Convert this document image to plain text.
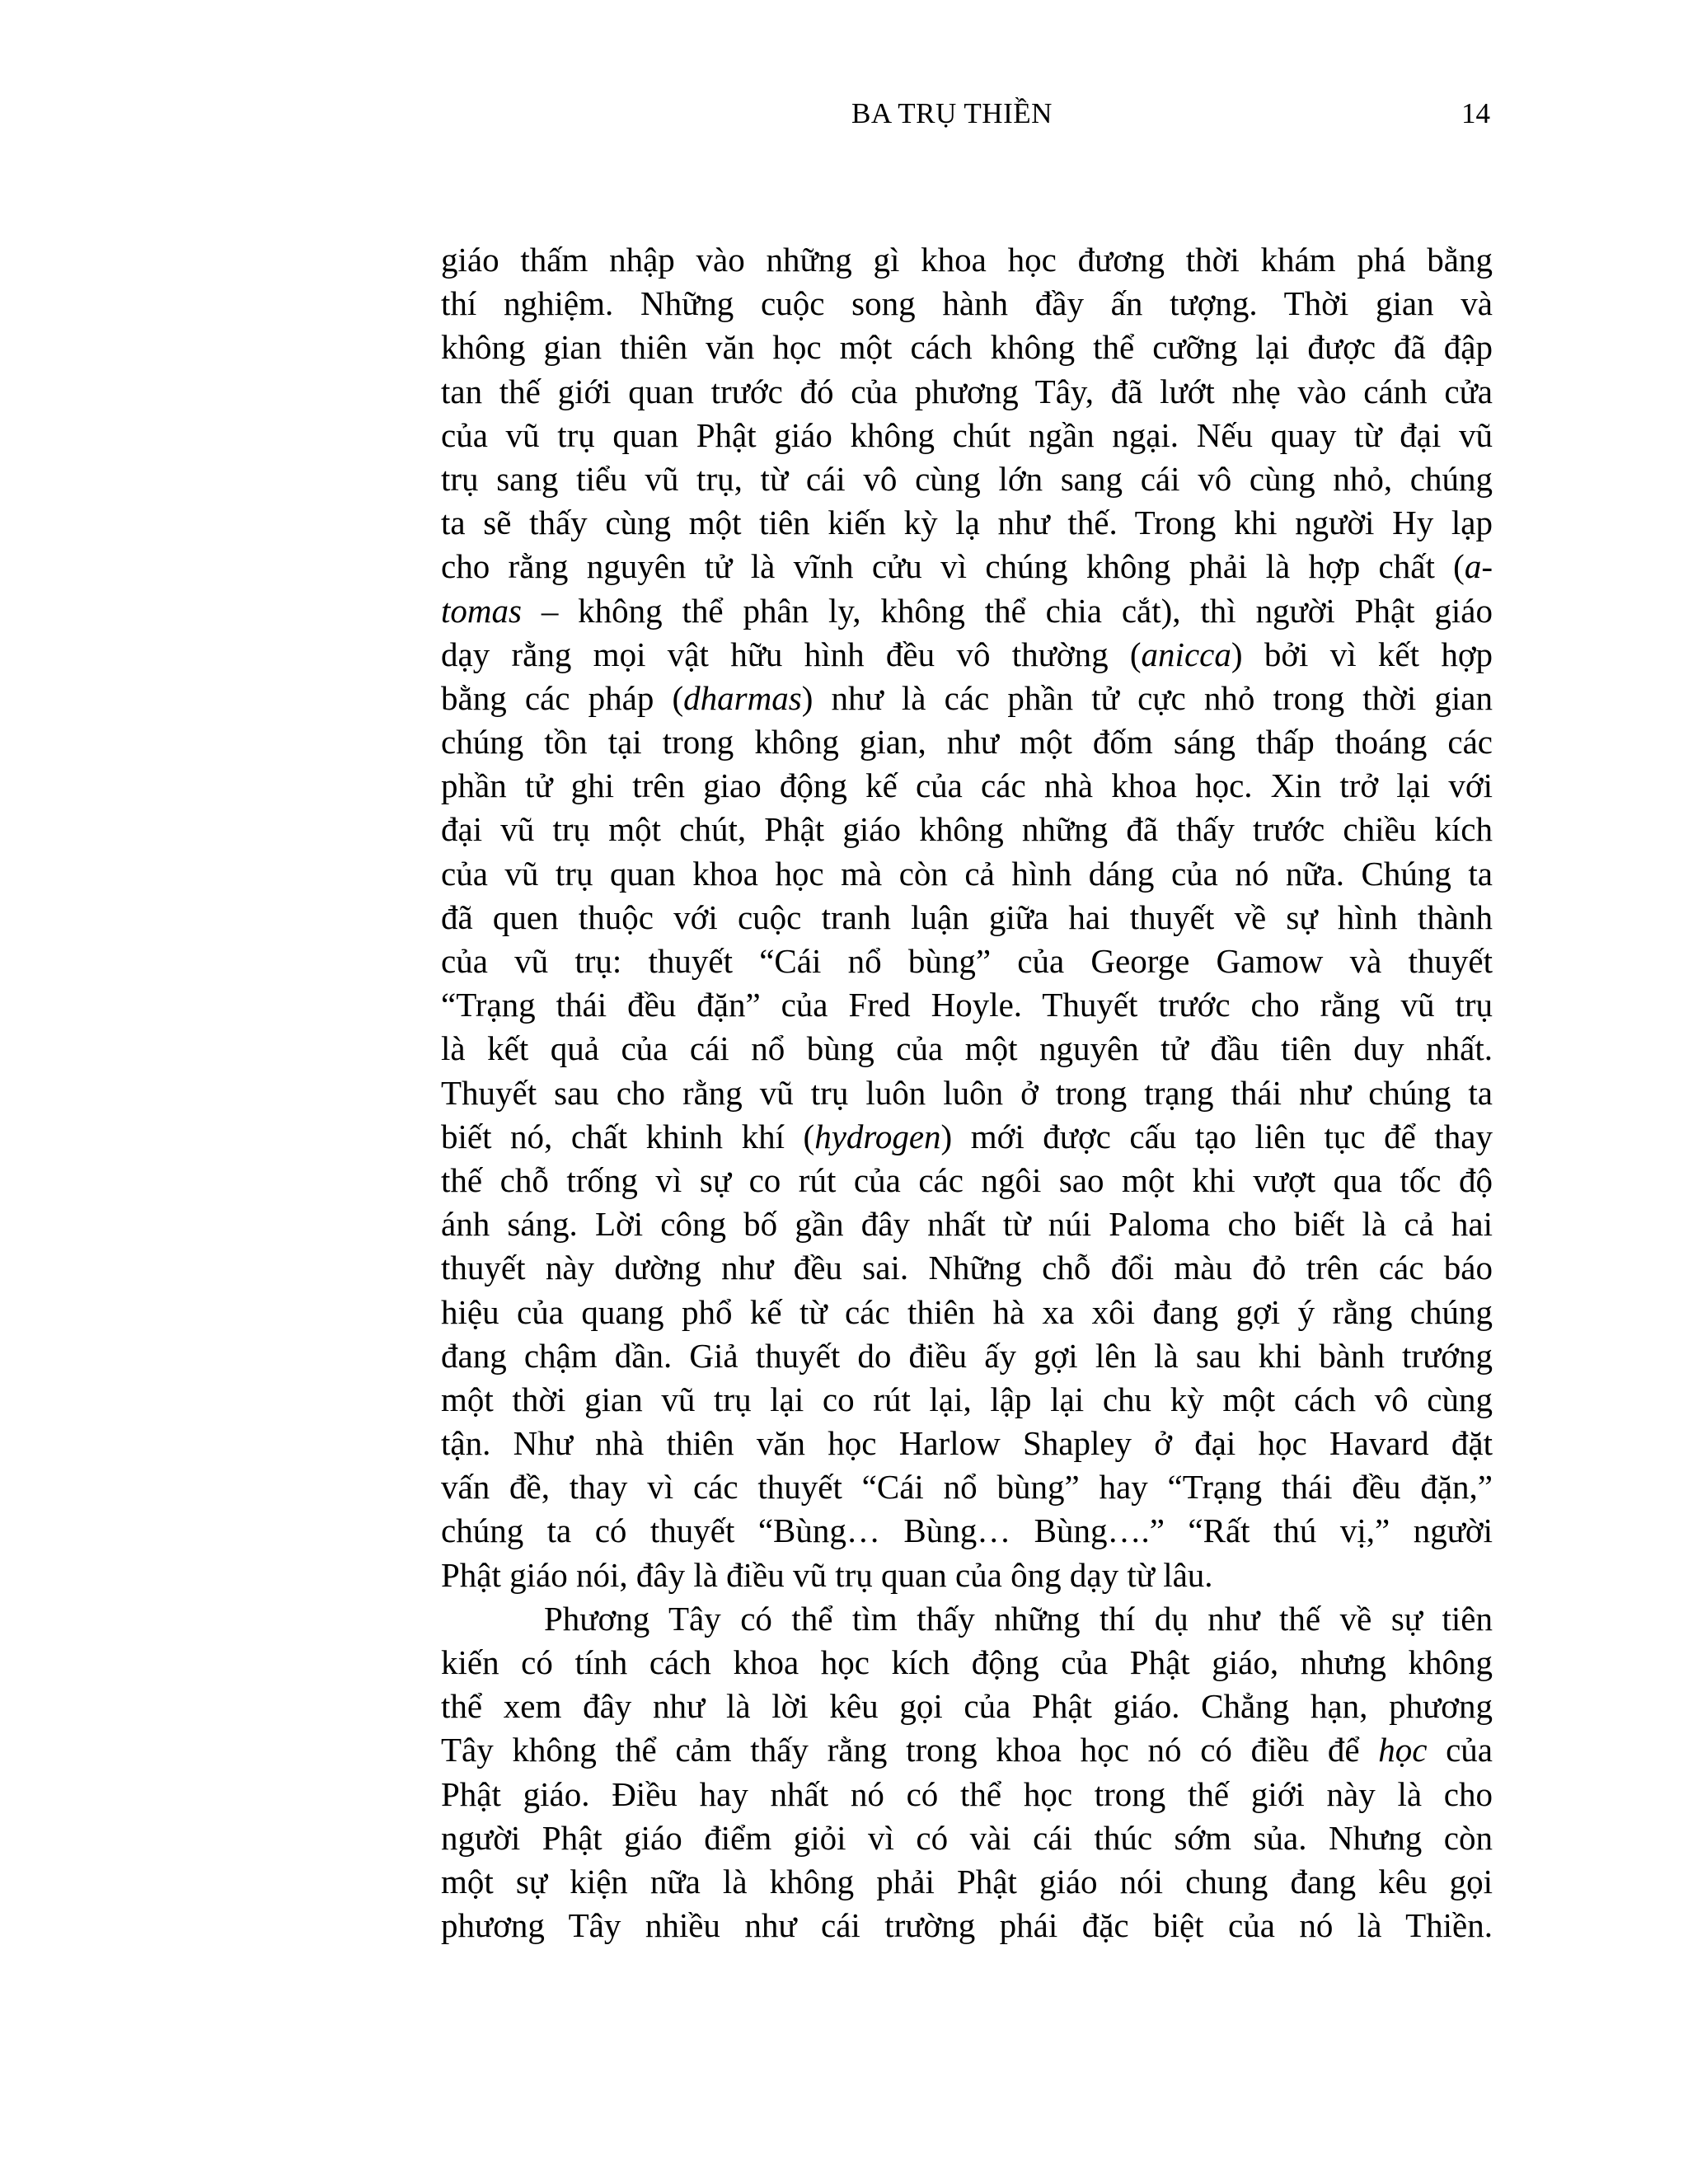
BA TRỤ THIỀN	14
giáo thấm nhập vào những gì khoa học đương thời khám phá bằng
thí nghiệm. Những cuộc song hành đầy ấn tượng. Thời gian và
không gian thiên văn học một cách không thể cưỡng lại được đã đập
tan thế giới quan trước đó của phương Tây, đã lướt nhẹ vào cánh cửa
của vũ trụ quan Phật giáo không chút ngần ngại. Nếu quay từ đại vũ
trụ sang tiểu vũ trụ, từ cái vô cùng lớn sang cái vô cùng nhỏ, chúng
ta sẽ thấy cùng một tiên kiến kỳ lạ như thế. Trong khi người Hy lạp
cho rằng nguyên tử là vĩnh cửu vì chúng không phải là hợp chất (a-
tomas – không thể phân ly, không thể chia cắt), thì người Phật giáo
dạy rằng mọi vật hữu hình đều vô thường (anicca) bởi vì kết hợp
bằng các pháp (dharmas) như là các phần tử cực nhỏ trong thời gian
chúng tồn tại trong không gian, như một đốm sáng thấp thoáng các
phần tử ghi trên giao động kế của các nhà khoa học. Xin trở lại với
đại vũ trụ một chút, Phật giáo không những đã thấy trước chiều kích
của vũ trụ quan khoa học mà còn cả hình dáng của nó nữa. Chúng ta
đã quen thuộc với cuộc tranh luận giữa hai thuyết về sự hình thành
của vũ trụ: thuyết “Cái nổ bùng” của George Gamow và thuyết
“Trạng thái đều đặn” của Fred Hoyle. Thuyết trước cho rằng vũ trụ
là kết quả của cái nổ bùng của một nguyên tử đầu tiên duy nhất.
Thuyết sau cho rằng vũ trụ luôn luôn ở trong trạng thái như chúng ta
biết nó, chất khinh khí (hydrogen) mới được cấu tạo liên tục để thay
thế chỗ trống vì sự co rút của các ngôi sao một khi vượt qua tốc độ
ánh sáng. Lời công bố gần đây nhất từ núi Paloma cho biết là cả hai
thuyết này dường như đều sai. Những chỗ đổi màu đỏ trên các báo
hiệu của quang phổ kế từ các thiên hà xa xôi đang gợi ý rằng chúng
đang chậm dần. Giả thuyết do điều ấy gợi lên là sau khi bành trướng
một thời gian vũ trụ lại co rút lại, lập lại chu kỳ một cách vô cùng
tận. Như nhà thiên văn học Harlow Shapley ở đại học Havard đặt
vấn đề, thay vì các thuyết “Cái nổ bùng” hay “Trạng thái đều đặn,”
chúng ta có thuyết “Bùng… Bùng… Bùng….” “Rất thú vị,” người
Phật giáo nói, đây là điều vũ trụ quan của ông dạy từ lâu.
Phương Tây có thể tìm thấy những thí dụ như thế về sự tiên
kiến có tính cách khoa học kích động của Phật giáo, nhưng không
thể xem đây như là lời kêu gọi của Phật giáo. Chẳng hạn, phương
Tây không thể cảm thấy rằng trong khoa học nó có điều để học của
Phật giáo. Điều hay nhất nó có thể học trong thế giới này là cho
người Phật giáo điểm giỏi vì có vài cái thúc sớm sủa. Nhưng còn
một sự kiện nữa là không phải Phật giáo nói chung đang kêu gọi
phương Tây nhiều như cái trường phái đặc biệt của nó là Thiền.
